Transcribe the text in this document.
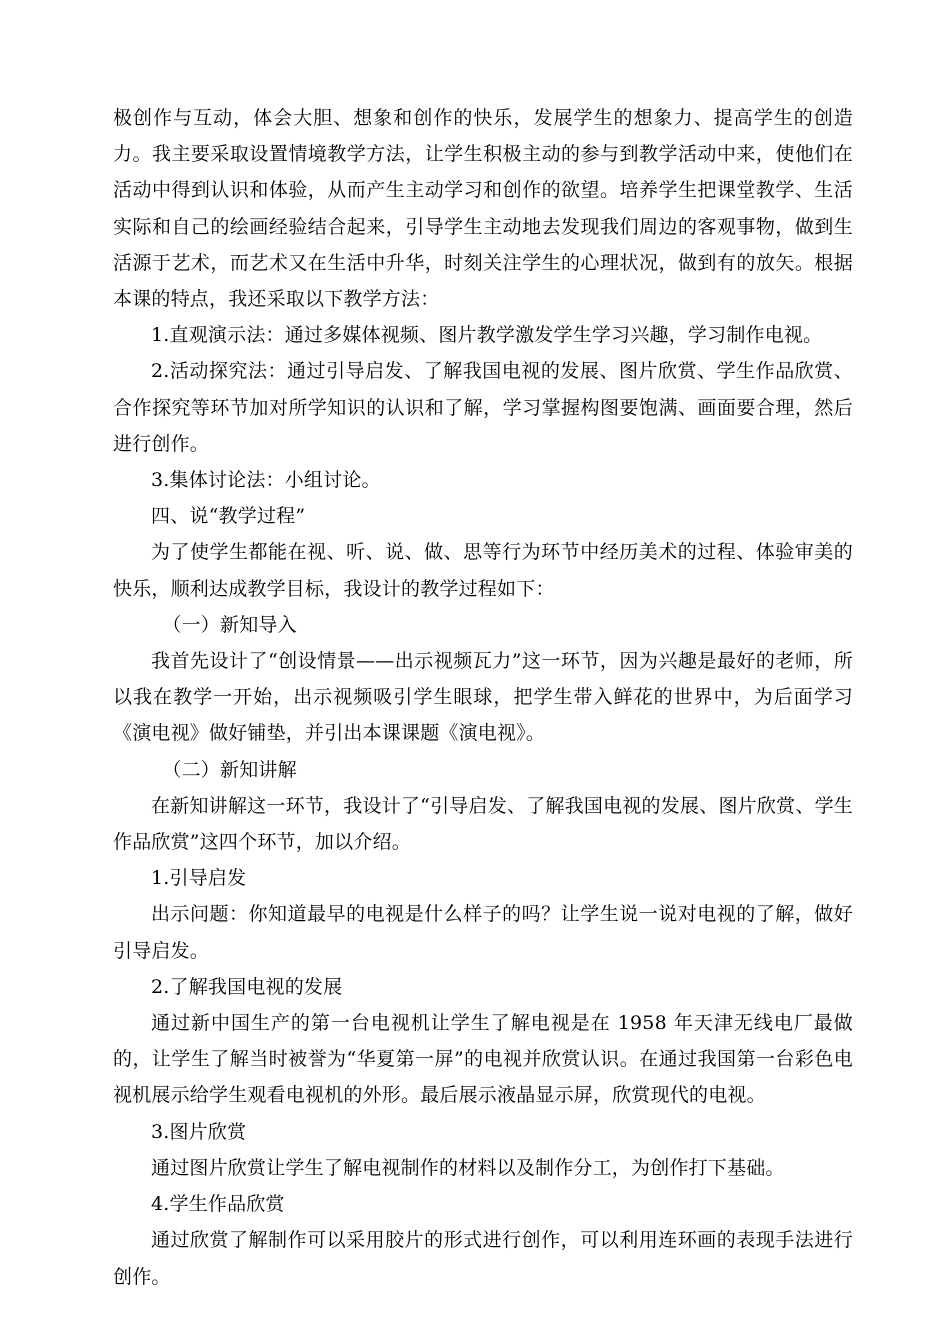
极创作与互动，体会大胆、想象和创作的快乐，发展学生的想象力、提高学生的创造力。我主要采取设置情境教学方法，让学生积极主动的参与到教学活动中来，使他们在活动中得到认识和体验，从而产生主动学习和创作的欲望。培养学生把课堂教学、生活实际和自己的绘画经验结合起来，引导学生主动地去发现我们周边的客观事物，做到生活源于艺术，而艺术又在生活中升华，时刻关注学生的心理状况，做到有的放矢。根据本课的特点，我还采取以下教学方法：

1.直观演示法：通过多媒体视频、图片教学激发学生学习兴趣，学习制作电视。

2.活动探究法：通过引导启发、了解我国电视的发展、图片欣赏、学生作品欣赏、合作探究等环节加对所学知识的认识和了解，学习掌握构图要饱满、画面要合理，然后进行创作。

3.集体讨论法：小组讨论。

四、说“教学过程”

为了使学生都能在视、听、说、做、思等行为环节中经历美术的过程、体验审美的快乐，顺利达成教学目标，我设计的教学过程如下：

（一）新知导入

我首先设计了“创设情景——出示视频瓦力”这一环节，因为兴趣是最好的老师，所以我在教学一开始，出示视频吸引学生眼球，把学生带入鲜花的世界中，为后面学习《演电视》做好铺垫，并引出本课课题《演电视》。

（二）新知讲解

在新知讲解这一环节，我设计了“引导启发、了解我国电视的发展、图片欣赏、学生作品欣赏”这四个环节，加以介绍。

1.引导启发

出示问题：你知道最早的电视是什么样子的吗？让学生说一说对电视的了解，做好引导启发。

2.了解我国电视的发展

通过新中国生产的第一台电视机让学生了解电视是在 1958 年天津无线电厂最做的，让学生了解当时被誉为“华夏第一屏”的电视并欣赏认识。在通过我国第一台彩色电视机展示给学生观看电视机的外形。最后展示液晶显示屏，欣赏现代的电视。

3.图片欣赏

通过图片欣赏让学生了解电视制作的材料以及制作分工，为创作打下基础。

4.学生作品欣赏

通过欣赏了解制作可以采用胶片的形式进行创作，可以利用连环画的表现手法进行创作。
